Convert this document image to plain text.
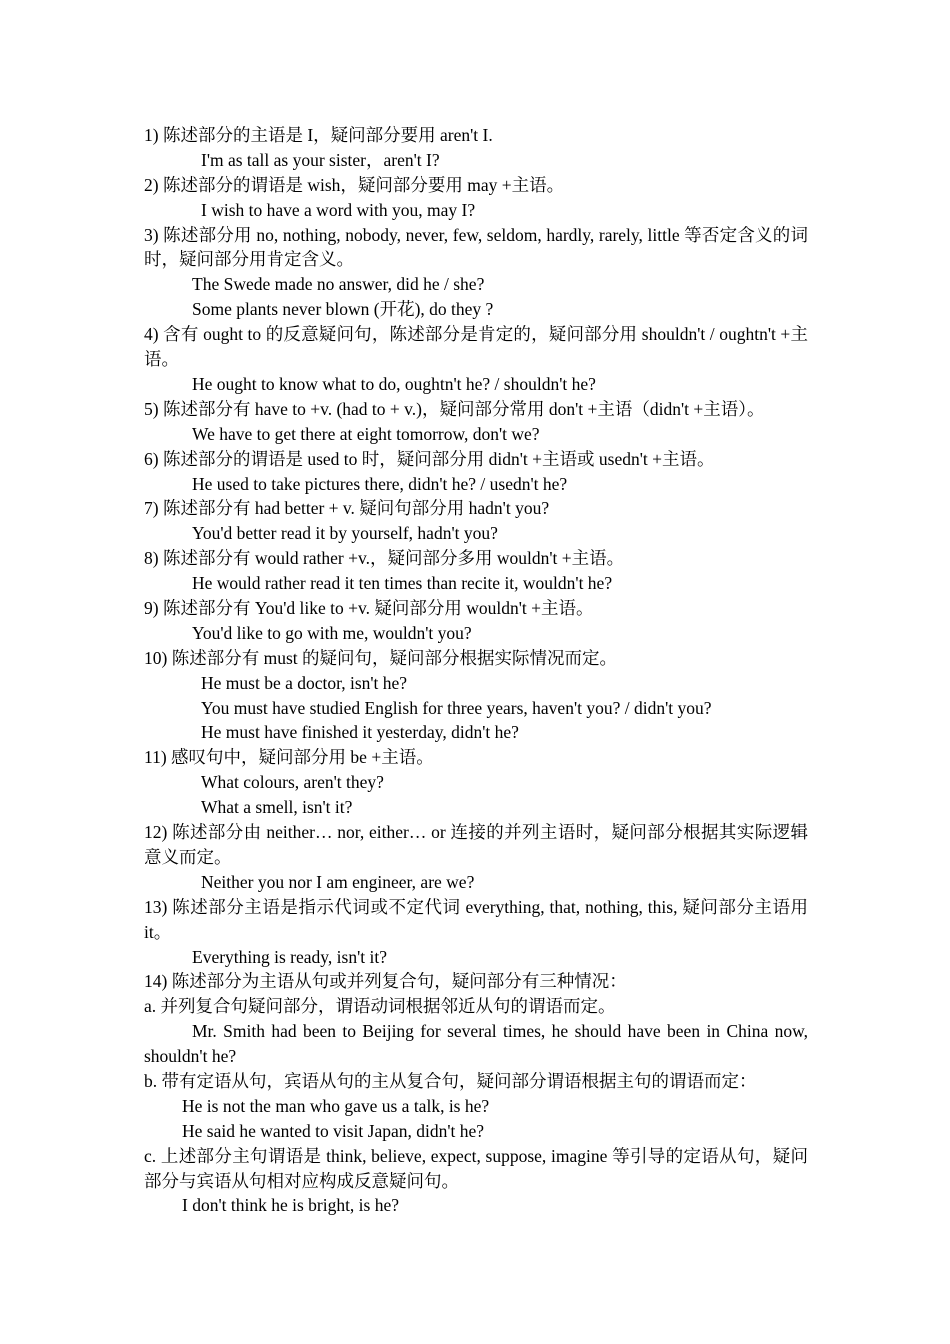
1) 陈述部分的主语是 I，疑问部分要用 aren't I.
I'm as tall as your sister，aren't I?
2) 陈述部分的谓语是 wish，疑问部分要用 may +主语。
I wish to have a word with you, may I?
3) 陈述部分用 no, nothing, nobody, never, few, seldom, hardly, rarely, little 等否定含义的词时，疑问部分用肯定含义。
The Swede made no answer, did he / she?
Some plants never blown (开花), do they ?
4) 含有 ought to 的反意疑问句，陈述部分是肯定的，疑问部分用 shouldn't / oughtn't +主语。
He ought to know what to do, oughtn't he? / shouldn't he?
5) 陈述部分有 have to +v. (had to + v.)，疑问部分常用 don't +主语（didn't +主语）。
We have to get there at eight tomorrow, don't we?
6) 陈述部分的谓语是 used to 时，疑问部分用 didn't +主语或 usedn't +主语。
He used to take pictures there, didn't he? / usedn't he?
7) 陈述部分有 had better + v. 疑问句部分用 hadn't you?
You'd better read it by yourself, hadn't you?
8) 陈述部分有 would rather +v.，疑问部分多用 wouldn't +主语。
He would rather read it ten times than recite it, wouldn't he?
9) 陈述部分有 You'd like to +v. 疑问部分用 wouldn't +主语。
You'd like to go with me, wouldn't you?
10) 陈述部分有 must 的疑问句，疑问部分根据实际情况而定。
He must be a doctor, isn't he?
You must have studied English for three years, haven't you? / didn't you?
He must have finished it yesterday, didn't he?
11) 感叹句中，疑问部分用 be +主语。
What colours, aren't they?
What a smell, isn't it?
12) 陈述部分由 neither… nor, either… or 连接的并列主语时，疑问部分根据其实际逻辑意义而定。
Neither you nor I am engineer, are we?
13) 陈述部分主语是指示代词或不定代词 everything, that, nothing, this, 疑问部分主语用 it。
Everything is ready, isn't it?
14) 陈述部分为主语从句或并列复合句，疑问部分有三种情况：
a. 并列复合句疑问部分，谓语动词根据邻近从句的谓语而定。
Mr. Smith had been to Beijing for several times, he should have been in China now, shouldn't he?
b. 带有定语从句，宾语从句的主从复合句，疑问部分谓语根据主句的谓语而定：
He is not the man who gave us a talk, is he?
He said he wanted to visit Japan, didn't he?
c. 上述部分主句谓语是 think, believe, expect, suppose, imagine 等引导的定语从句，疑问部分与宾语从句相对应构成反意疑问句。
I don't think he is bright, is he?
